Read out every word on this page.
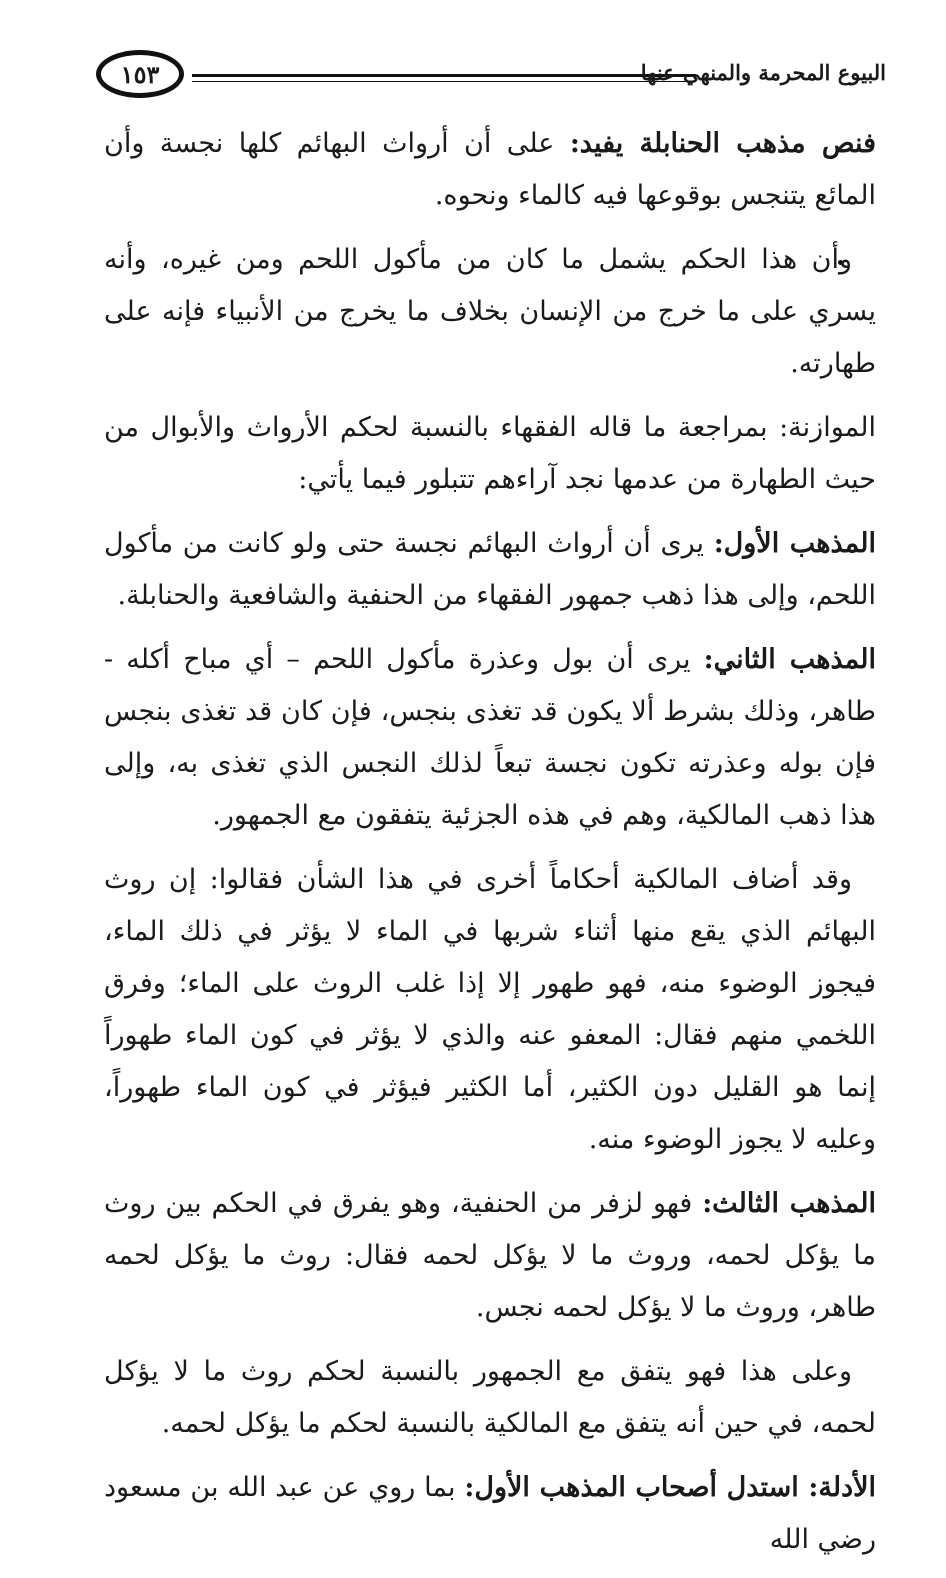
١٥٣	البيوع المحرمة والمنهي عنها

فنص مذهب الحنابلة يفيد: على أن أرواث البهائم كلها نجسة وأن المائع يتنجس بوقوعها فيه كالماء ونحوه.

وأن هذا الحكم يشمل ما كان من مأكول اللحم ومن غيره، وأنه يسري على ما خرج من الإنسان بخلاف ما يخرج من الأنبياء فإنه على طهارته.

الموازنة: بمراجعة ما قاله الفقهاء بالنسبة لحكم الأرواث والأبوال من حيث الطهارة من عدمها نجد آراءهم تتبلور فيما يأتي:

المذهب الأول: يرى أن أرواث البهائم نجسة حتى ولو كانت من مأكول اللحم، وإلى هذا ذهب جمهور الفقهاء من الحنفية والشافعية والحنابلة.

المذهب الثاني: يرى أن بول وعذرة مأكول اللحم – أي مباح أكله - طاهر، وذلك بشرط ألا يكون قد تغذى بنجس، فإن كان قد تغذى بنجس فإن بوله وعذرته تكون نجسة تبعاً لذلك النجس الذي تغذى به، وإلى هذا ذهب المالكية، وهم في هذه الجزئية يتفقون مع الجمهور.

وقد أضاف المالكية أحكاماً أخرى في هذا الشأن فقالوا: إن روث البهائم الذي يقع منها أثناء شربها في الماء لا يؤثر في ذلك الماء، فيجوز الوضوء منه، فهو طهور إلا إذا غلب الروث على الماء؛ وفرق اللخمي منهم فقال: المعفو عنه والذي لا يؤثر في كون الماء طهوراً إنما هو القليل دون الكثير، أما الكثير فيؤثر في كون الماء طهوراً، وعليه لا يجوز الوضوء منه.

المذهب الثالث: فهو لزفر من الحنفية، وهو يفرق في الحكم بين روث ما يؤكل لحمه، وروث ما لا يؤكل لحمه فقال: روث ما يؤكل لحمه طاهر، وروث ما لا يؤكل لحمه نجس.

وعلى هذا فهو يتفق مع الجمهور بالنسبة لحكم روث ما لا يؤكل لحمه، في حين أنه يتفق مع المالكية بالنسبة لحكم ما يؤكل لحمه.

الأدلة: استدل أصحاب المذهب الأول: بما روي عن عبد الله بن مسعود رضي الله
